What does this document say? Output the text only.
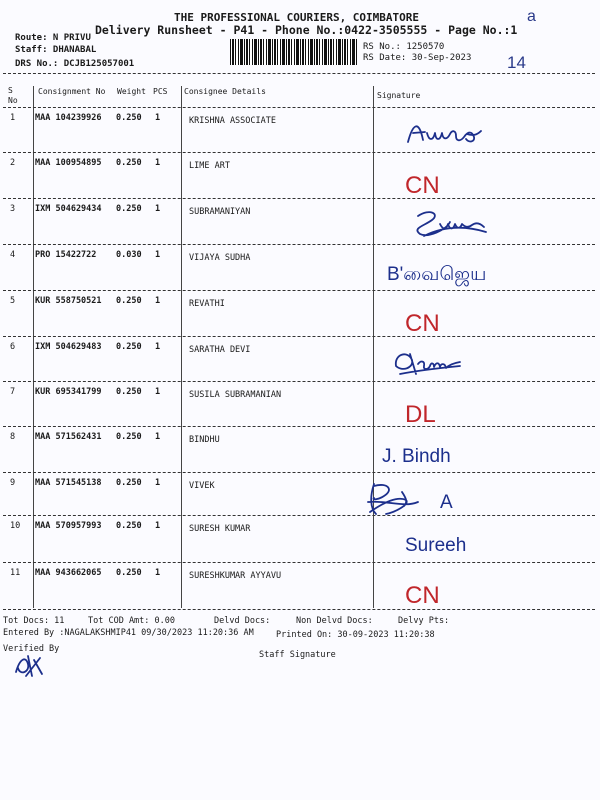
THE PROFESSIONAL COURIERS, COIMBATORE	a
Delivery Runsheet - P41 - Phone No.:0422-3505555 - Page No.:1
Route: N PRIVU
Staff: DHANABAL
DRS No.: DCJB125057001
RS No.: 1250570
RS Date: 30-Sep-2023 14
S No
Consignment No Weight PCS Consignee Details	Signature
1 MAA 104239926 0.250 1	KRISHNA ASSOCIATE
2 MAA 100954895 0.250 1	LIME ART
CN
3 IXM 504629434 0.250 1	SUBRAMANIYAN
4 PRO 15422722 0.030 1	VIJAYA SUDHA
B'வைஜெய
5 KUR 558750521 0.250 1	REVATHI
CN
6 IXM 504629483 0.250 1	SARATHA DEVI
7 KUR 695341799 0.250 1	SUSILA SUBRAMANIAN
DL
8 MAA 571562431 0.250 1	BINDHU
J. Bindh
9 MAA 571545138 0.250 1	VIVEK
A
10 MAA 570957993 0.250 1	SURESH KUMAR
Sureeh
11 MAA 943662065 0.250 1	SURESHKUMAR AYYAVU
CN
Tot Docs: 11	Tot COD Amt: 0.00	Delvd Docs:	Non Delvd Docs:	Delvy Pts:
Entered By :NAGALAKSHMIP41 09/30/2023 11:20:36 AM	Printed On: 30-09-2023 11:20:38
Verified By
Staff Signature
